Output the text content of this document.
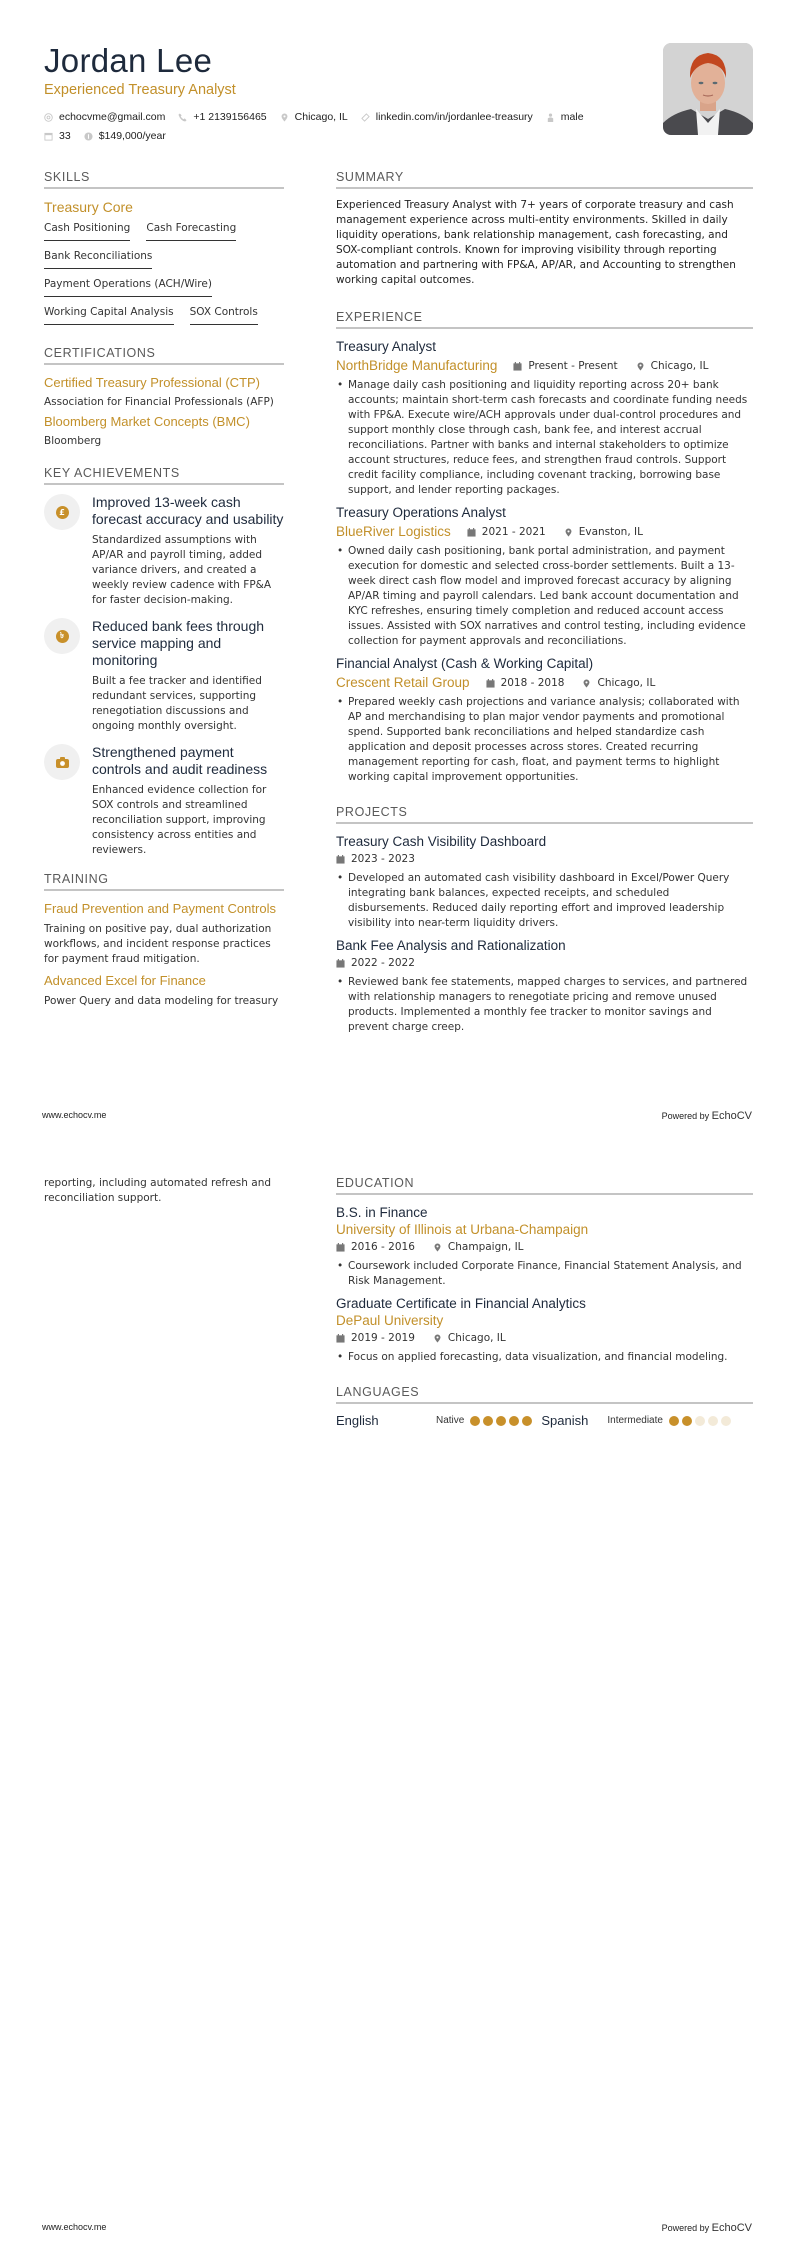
Jordan Lee
Experienced Treasury Analyst
echocvme@gmail.com	+1 2139156465	Chicago, IL	linkedin.com/in/jordanlee-treasury	male
33	$149,000/year
SKILLS
Treasury Core
Cash Positioning Cash Forecasting
Bank Reconciliations
Payment Operations (ACH/Wire)
Working Capital Analysis SOX Controls
CERTIFICATIONS
Certified Treasury Professional (CTP)
Association for Financial Professionals (AFP)
Bloomberg Market Concepts (BMC)
Bloomberg
KEY ACHIEVEMENTS
£
Improved 13-week cash forecast accuracy and usability
Standardized assumptions with AP/AR and payroll timing, added variance drivers, and created a weekly review cadence with FP&A for faster decision-making.
৳
Reduced bank fees through service mapping and monitoring
Built a fee tracker and identified redundant services, supporting renegotiation discussions and ongoing monthly oversight.
Strengthened payment controls and audit readiness
Enhanced evidence collection for SOX controls and streamlined reconciliation support, improving consistency across entities and reviewers.
TRAINING
Fraud Prevention and Payment Controls
Training on positive pay, dual authorization workflows, and incident response practices for payment fraud mitigation.
Advanced Excel for Finance
Power Query and data modeling for treasury
SUMMARY

Experienced Treasury Analyst with 7+ years of corporate treasury and cash management experience across multi-entity environments. Skilled in daily liquidity operations, bank relationship management, cash forecasting, and SOX-compliant controls. Known for improving visibility through reporting automation and partnering with FP&A, AP/AR, and Accounting to strengthen working capital outcomes.

EXPERIENCE
Treasury Analyst
NorthBridge Manufacturing	Present - Present	Chicago, IL
• Manage daily cash positioning and liquidity reporting across 20+ bank accounts; maintain short-term cash forecasts and coordinate funding needs with FP&A. Execute wire/ACH approvals under dual-control procedures and support monthly close through cash, bank fee, and interest accrual reconciliations. Partner with banks and internal stakeholders to optimize account structures, reduce fees, and strengthen fraud controls. Support credit facility compliance, including covenant tracking, borrowing base support, and lender reporting packages.
Treasury Operations Analyst
BlueRiver Logistics	2021 - 2021	Evanston, IL
• Owned daily cash positioning, bank portal administration, and payment execution for domestic and selected cross-border settlements. Built a 13-week direct cash flow model and improved forecast accuracy by aligning AP/AR timing and payroll calendars. Led bank account documentation and KYC refreshes, ensuring timely completion and reduced account access issues. Assisted with SOX narratives and control testing, including evidence collection for payment approvals and reconciliations.
Financial Analyst (Cash & Working Capital)
Crescent Retail Group	2018 - 2018	Chicago, IL
• Prepared weekly cash projections and variance analysis; collaborated with AP and merchandising to plan major vendor payments and promotional spend. Supported bank reconciliations and helped standardize cash application and deposit processes across stores. Created recurring management reporting for cash, float, and payment terms to highlight working capital improvement opportunities.
PROJECTS
Treasury Cash Visibility Dashboard
2023 - 2023
• Developed an automated cash visibility dashboard in Excel/Power Query integrating bank balances, expected receipts, and scheduled disbursements. Reduced daily reporting effort and improved leadership visibility into near-term liquidity drivers.
Bank Fee Analysis and Rationalization
2022 - 2022
• Reviewed bank fee statements, mapped charges to services, and partnered with relationship managers to renegotiate pricing and remove unused products. Implemented a monthly fee tracker to monitor savings and prevent charge creep.
www.echocv.me	Powered by EchoCV
reporting, including automated refresh and reconciliation support.
EDUCATION
B.S. in Finance
University of Illinois at Urbana-Champaign
2016 - 2016	Champaign, IL
• Coursework included Corporate Finance, Financial Statement Analysis, and Risk Management.
Graduate Certificate in Financial Analytics
DePaul University
2019 - 2019	Chicago, IL
• Focus on applied forecasting, data visualization, and financial modeling.
LANGUAGES
English	Native	Spanish	Intermediate
www.echocv.me	Powered by EchoCV
